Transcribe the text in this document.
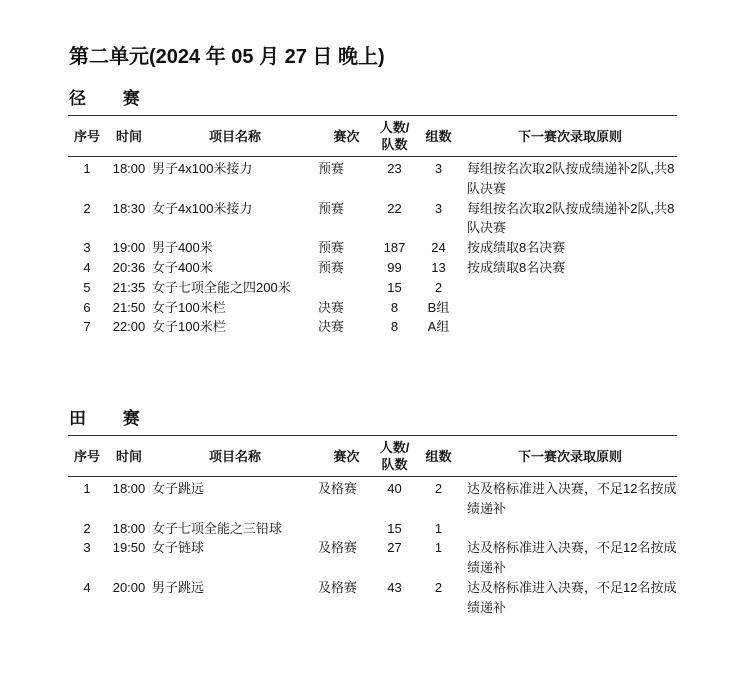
第二单元(2024 年 05 月 27 日 晚上)
径 赛
序号	时间	项目名称	赛次	人数/
队数	组数	下一赛次录取原则
1	18:00	男子4x100米接力	预赛	23	3	每组按名次取2队按成绩递补2队,共8队决赛
2	18:30	女子4x100米接力	预赛	22	3	每组按名次取2队按成绩递补2队,共8队决赛
3	19:00	男子400米	预赛	187	24	按成绩取8名决赛
4	20:36	女子400米	预赛	99	13	按成绩取8名决赛
5	21:35	女子七项全能之四200米		15	2	
6	21:50	女子100米栏	决赛	8	B组	
7	22:00	女子100米栏	决赛	8	A组	
田 赛
序号	时间	项目名称	赛次	人数/
队数	组数	下一赛次录取原则
1	18:00	女子跳远	及格赛	40	2	达及格标准进入决赛，不足12名按成绩递补
2	18:00	女子七项全能之三铅球		15	1	
3	19:50	女子链球	及格赛	27	1	达及格标准进入决赛，不足12名按成绩递补
4	20:00	男子跳远	及格赛	43	2	达及格标准进入决赛，不足12名按成绩递补
